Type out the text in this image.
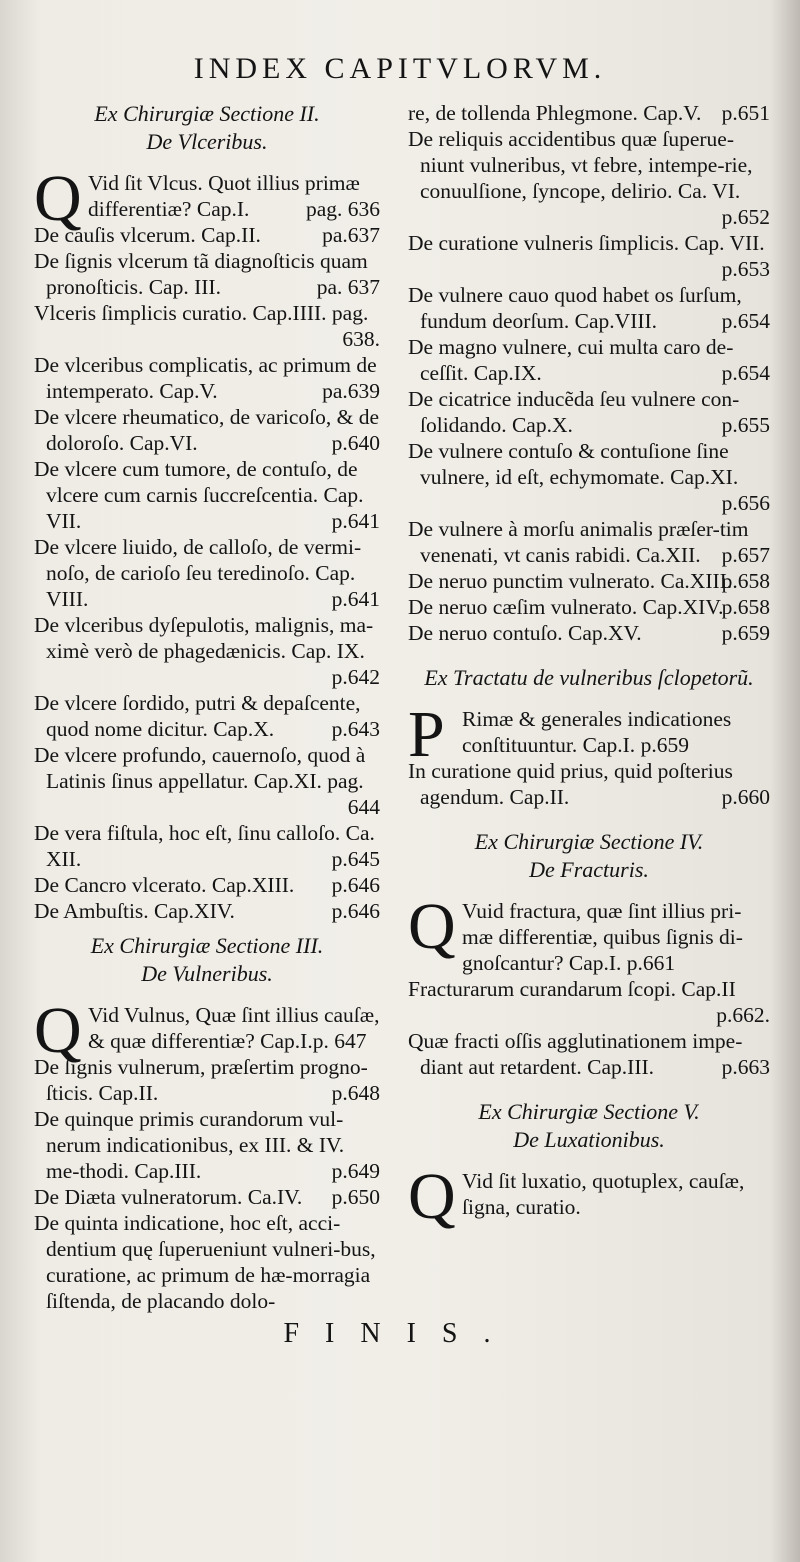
INDEX CAPITVLORVM.
Ex Chirurgiæ Sectione II.
De Vlceribus.
Q Vid ſit Vlcus. Quot illius primæ differentiæ? Cap.I.	pag. 636
De cauſis vlcerum. Cap.II.	pa.637
De ſignis vlcerum tã diagnoſticis quam pronoſticis. Cap. III.	pa. 637
Vlceris ſimplicis curatio. Cap.IIII. pag.
638.
De vlceribus complicatis, ac primum de intemperato. Cap.V.	pa.639
De vlcere rheumatico, de varicoſo, & de doloroſo. Cap.VI.	p.640
De vlcere cum tumore, de contuſo, de vlcere cum carnis ſuccreſcentia. Cap. VII.	p.641
De vlcere liuido, de calloſo, de vermi-noſo, de carioſo ſeu teredinoſo. Cap. VIII.	p.641
De vlceribus dyſepulotis, malignis, ma-ximè verò de phagedænicis. Cap. IX.
p.642
De vlcere ſordido, putri & depaſcente, quod nome dicitur. Cap.X.	p.643
De vlcere profundo, cauernoſo, quod à Latinis ſinus appellatur. Cap.XI. pag.
644
De vera fiſtula, hoc eſt, ſinu calloſo. Ca. XII.	p.645
De Cancro vlcerato. Cap.XIII. p.646
De Ambuſtis. Cap.XIV.	p.646
Ex Chirurgiæ Sectione III.
De Vulneribus.
Q Vid Vulnus, Quæ ſint illius cauſæ, & quæ differentiæ? Cap.I.p. 647
De ſignis vulnerum, præſertim progno-ſticis. Cap.II.	p.648
De quinque primis curandorum vul-nerum indicationibus, ex III. & IV. me-thodi. Cap.III.	p.649
De Diæta vulneratorum. Ca.IV. p.650
De quinta indicatione, hoc eſt, acci-dentium quę ſuperueniunt vulneri-bus, curatione, ac primum de hæ-morragia ſiſtenda, de placando dolo-
re, de tollenda Phlegmone. Cap.V. p.651
De reliquis accidentibus quæ ſuperue-niunt vulneribus, vt febre, intempe-rie, conuulſione, ſyncope, delirio. Ca. VI.
p.652
De curatione vulneris ſimplicis. Cap. VII.
p.653
De vulnere cauo quod habet os ſurſum, fundum deorſum. Cap.VIII.	p.654
De magno vulnere, cui multa caro de-ceſſit. Cap.IX.	p.654
De cicatrice inducẽda ſeu vulnere con-ſolidando. Cap.X.	p.655
De vulnere contuſo & contuſione ſine vulnere, id eſt, echymomate. Cap.XI.
p.656
De vulnere à morſu animalis præſer-tim venenati, vt canis rabidi. Ca.XII. p.657
De neruo punctim vulnerato. Ca.XIII.
p.658
De neruo cæſim vulnerato. Cap.XIV.
p.658
De neruo contuſo. Cap.XV.	p.659
Ex Tractatu de vulneribus ſclopetorũ.
P Rimæ & generales indicationes conſtituuntur. Cap.I. p.659
In curatione quid prius, quid poſterius agendum. Cap.II.	p.660
Ex Chirurgiæ Sectione IV.
De Fracturis.
Q Vuid fractura, quæ ſint illius pri-mæ differentiæ, quibus ſignis di-gnoſcantur? Cap.I. p.661
Fracturarum curandarum ſcopi. Cap.II
p.662.
Quæ fracti oſſis agglutinationem impe-diant aut retardent. Cap.III.	p.663
Ex Chirurgiæ Sectione V.
De Luxationibus.
Q Vid ſit luxatio, quotuplex, cauſæ, ſigna, curatio.
FINIS.
